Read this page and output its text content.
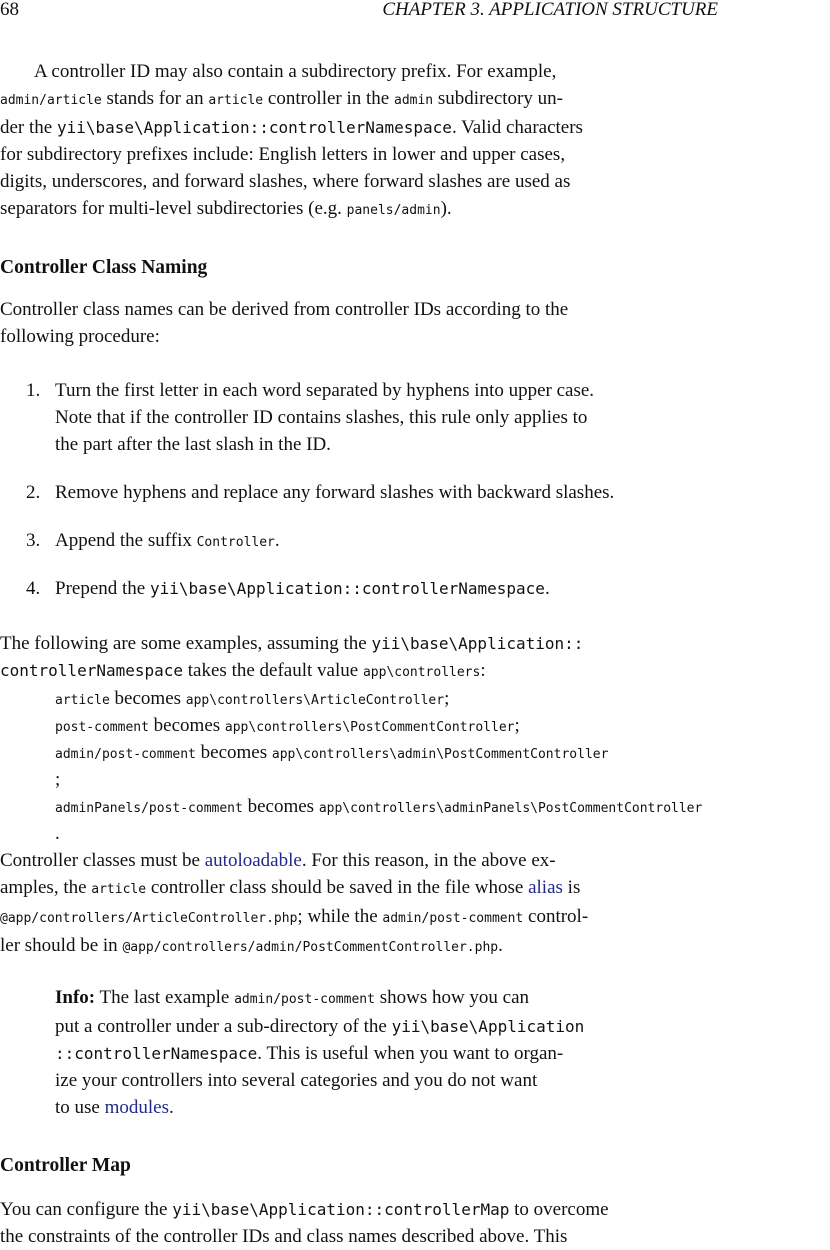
68	CHAPTER 3. APPLICATION STRUCTURE
A controller ID may also contain a subdirectory prefix. For example,
admin/article stands for an article controller in the admin subdirectory un-
der the yii\base\Application::controllerNamespace. Valid characters
for subdirectory prefixes include: English letters in lower and upper cases,
digits, underscores, and forward slashes, where forward slashes are used as
separators for multi-level subdirectories (e.g. panels/admin).
Controller Class Naming
Controller class names can be derived from controller IDs according to the
following procedure:
1. Turn the first letter in each word separated by hyphens into upper case.
Note that if the controller ID contains slashes, this rule only applies to
the part after the last slash in the ID.
2. Remove hyphens and replace any forward slashes with backward slashes.
3. Append the suffix Controller.
4. Prepend the yii\base\Application::controllerNamespace.
The following are some examples, assuming the yii\base\Application::
controllerNamespace takes the default value app\controllers:
article becomes app\controllers\ArticleController;
post-comment becomes app\controllers\PostCommentController;
admin/post-comment becomes app\controllers\admin\PostCommentController
;
adminPanels/post-comment becomes app\controllers\adminPanels\PostCommentController
.
Controller classes must be autoloadable. For this reason, in the above ex-
amples, the article controller class should be saved in the file whose alias is
@app/controllers/ArticleController.php; while the admin/post-comment control-
ler should be in @app/controllers/admin/PostCommentController.php.
Info: The last example admin/post-comment shows how you can
put a controller under a sub-directory of the yii\base\Application
::controllerNamespace. This is useful when you want to organ-
ize your controllers into several categories and you do not want
to use modules.
Controller Map
You can configure the yii\base\Application::controllerMap to overcome
the constraints of the controller IDs and class names described above. This
